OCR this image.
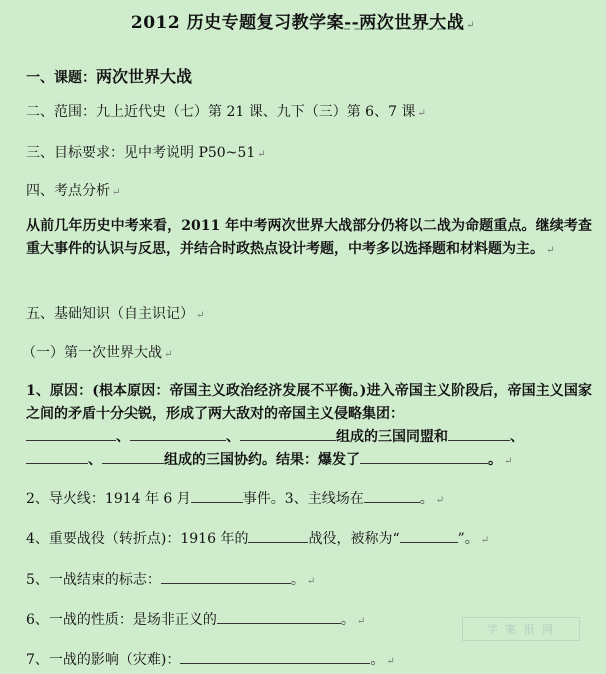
2012 历史专题复习教学案--两次世界大战 ↵
一、课题：两次世界大战
二、范围：九上近代史（七）第 21 课、九下（三）第 6、7 课 ↵
三、目标要求：见中考说明 P50~51 ↵
四、考点分析 ↵
从前几年历史中考来看，2011 年中考两次世界大战部分仍将以二战为命题重点。继续考查重大事件的认识与反思，并结合时政热点设计考题，中考多以选择题和材料题为主。 ↵
五、基础知识（自主识记） ↵
（一）第一次世界大战 ↵
1、原因：(根本原因：帝国主义政治经济发展不平衡。)进入帝国主义阶段后，帝国主义国家之间的矛盾十分尖锐，形成了两大敌对的帝国主义侵略集团：
、	、	组成的三国同盟和	、
、	组成的三国协约。结果：爆发了	。 ↵
2、导火线：1914 年 6 月	事件。3、主线场在	。 ↵
4、重要战役（转折点)：1916 年的	战役，被称为“	”。 ↵
5、一战结束的标志：	。 ↵
6、一战的性质：是场非正义的	。 ↵
7、一战的影响（灾难)：	。 ↵
学 案 报 网
